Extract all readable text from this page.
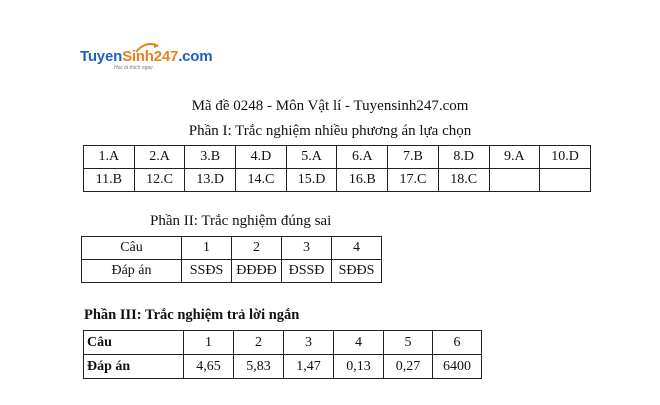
TuyenSinh247.com
Học là thích ngay
Mã đề 0248 - Môn Vật lí - Tuyensinh247.com
Phần I: Trắc nghiệm nhiều phương án lựa chọn
1.A	2.A	3.B	4.D	5.A	6.A	7.B	8.D	9.A	10.D
11.B	12.C	13.D	14.C	15.D	16.B	17.C	18.C		
Phần II: Trắc nghiệm đúng sai
Câu	1	2	3	4
Đáp án	SSĐS	ĐĐĐĐ	ĐSSĐ	SĐĐS
Phần III: Trắc nghiệm trả lời ngắn
Câu	1	2	3	4	5	6
Đáp án	4,65	5,83	1,47	0,13	0,27	6400
